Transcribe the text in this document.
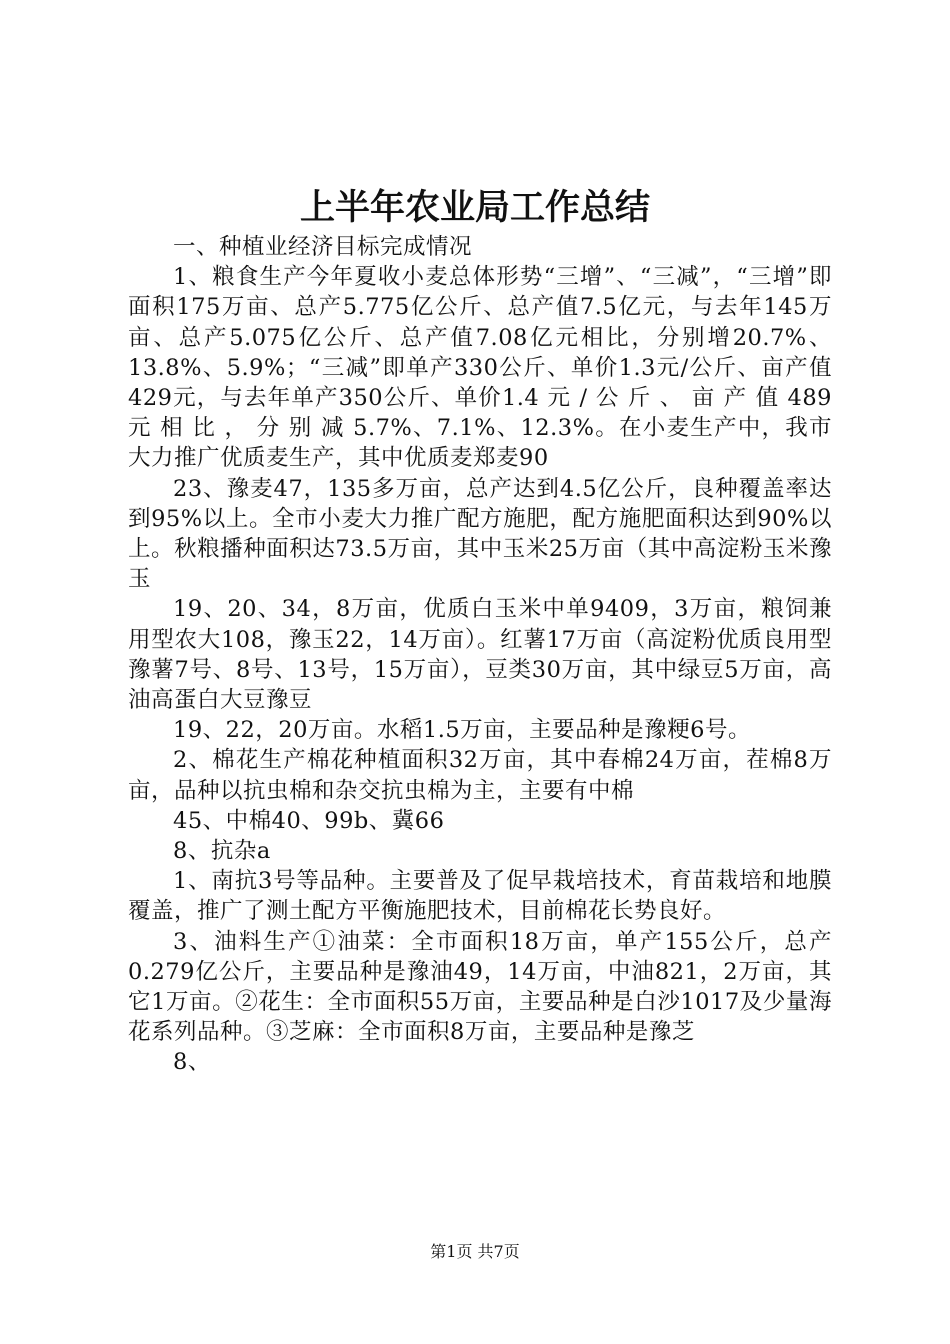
上半年农业局工作总结

一、种植业经济目标完成情况

1、粮食生产今年夏收小麦总体形势“三增”、“三减”，“三增”即面积175万亩、总产5.775亿公斤、总产值7.5亿元，与去年145万亩、总产5.075亿公斤、总产值7.08亿元相比，分别增20.7%、13.8%、5.9%；“三减”即单产330公斤、单价1.3元/公斤、亩产值429元，与去年单产350公斤、单价1.4 元 / 公 斤 、 亩 产 值 489 元 相 比 ， 分 别 减 5.7%、7.1%、12.3%。在小麦生产中，我市大力推广优质麦生产，其中优质麦郑麦90

23、豫麦47，135多万亩，总产达到4.5亿公斤，良种覆盖率达到95%以上。全市小麦大力推广配方施肥，配方施肥面积达到90%以上。秋粮播种面积达73.5万亩，其中玉米25万亩（其中高淀粉玉米豫玉

19、20、34，8万亩，优质白玉米中单9409，3万亩，粮饲兼用型农大108，豫玉22，14万亩）。红薯17万亩（高淀粉优质良用型豫薯7号、8号、13号，15万亩），豆类30万亩，其中绿豆5万亩，高油高蛋白大豆豫豆

19、22，20万亩。水稻1.5万亩，主要品种是豫粳6号。

2、棉花生产棉花种植面积32万亩，其中春棉24万亩，茬棉8万亩，品种以抗虫棉和杂交抗虫棉为主，主要有中棉

45、中棉40、99b、冀66

8、抗杂a

1、南抗3号等品种。主要普及了促早栽培技术，育苗栽培和地膜覆盖，推广了测土配方平衡施肥技术，目前棉花长势良好。

3、油料生产①油菜：全市面积18万亩，单产155公斤，总产0.279亿公斤，主要品种是豫油49，14万亩，中油821，2万亩，其它1万亩。②花生：全市面积55万亩，主要品种是白沙1017及少量海花系列品种。③芝麻：全市面积8万亩，主要品种是豫芝

8、

第1页 共7页
